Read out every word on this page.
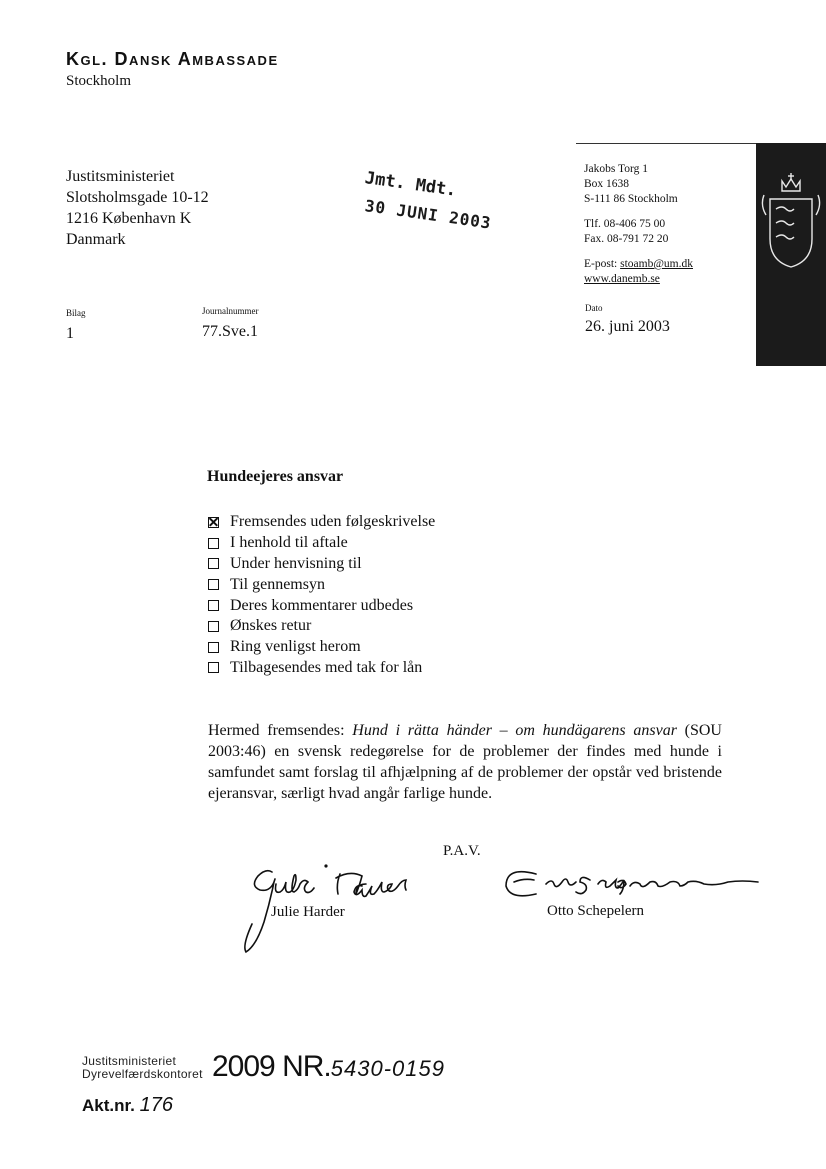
Kgl. Dansk Ambassade
Stockholm
Justitsministeriet
Slotsholmsgade 10-12
1216 København K
Danmark
Jmt. Mdt.
30 JUNI 2003
Jakobs Torg 1
Box 1638
S-111 86 Stockholm
Tlf. 08-406 75 00
Fax. 08-791 72 20
E-post: stoamb@um.dk
www.danemb.se
Bilag
1
Journalnummer
77.Sve.1
Dato
26. juni 2003
Hundeejeres ansvar
Fremsendes uden følgeskrivelse
I henhold til aftale
Under henvisning til
Til gennemsyn
Deres kommentarer udbedes
Ønskes retur
Ring venligst herom
Tilbagesendes med tak for lån
Hermed fremsendes: Hund i rätta händer – om hundägarens ansvar (SOU 2003:46) en svensk redegørelse for de problemer der findes med hunde i samfundet samt forslag til afhjælpning af de problemer der opstår ved bristende ejeransvar, særligt hvad angår farlige hunde.
P.A.V.
Julie Harder	Otto Schepelern
Justitsministeriet
Dyrevelfærdskontoret 2009 NR.5430-0159
Akt.nr. 176
